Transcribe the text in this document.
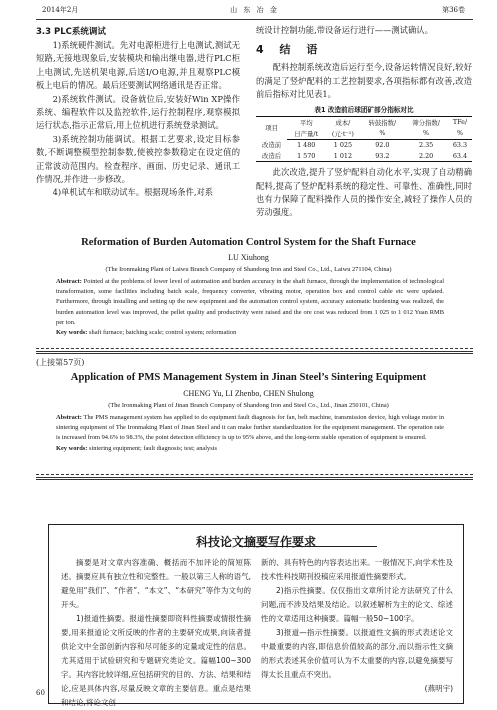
2014年2月	山 东 冶 金	第36卷
3.3 PLC系统调试

1)系统硬件测试。先对电源柜进行上电测试,测试无短路,无接地现象后,安装模块和输出继电器,进行PLC柜上电测试,先送机架电源,后送I/O电源,并且观察PLC模板上电后的情况。最后还要测试网络通讯是否正常。

2)系统软件测试。设备就位后,安装好Win XP操作系统、编程软件以及监控软件,运行控制程序,观察模拟运行状态,指示正常后,用上位机进行系统登录测试。

3)系统控制功能调试。根据工艺要求,设定目标参数,不断调整模型控制参数,使被控参数稳定在设定值的正常波动范围内。检查程序、画面、历史记录、通讯工作情况,并作进一步修改。

4)单机试车和联动试车。根据现场条件,对系

统设计控制功能,带设备运行进行——测试确认。

4 结 语

配料控制系统改造后运行至今,设备运转情况良好,较好的满足了竖炉配料的工艺控制要求,各项指标都有改善,改造前后指标对比见表1。

表1 改造前后球团矿部分指标对比
项目	平均	成本/	转鼓指数/	筛分指数/	TFe/
	日产量/t	(元·t⁻¹)	%	%	%
改造前	1 480	1 025	92.0	2.35	63.3
改造后	1 570	1 012	93.2	2.20	63.4

此次改造,提升了竖炉配料自动化水平,实现了自动精确配料,提高了竖炉配料系统的稳定性、可靠性、准确性,同时也有力保障了配料操作人员的操作安全,减轻了操作人员的劳动强度。

Reformation of Burden Automation Control System for the Shaft Furnace
LU Xiuhong
(The Ironmaking Plant of Laiwu Branch Company of Shandong Iron and Steel Co., Ltd., Laiwu 271104, China)

Abstract: Pointed at the problems of lower level of automation and burden accuracy in the shaft furnace, through the implementation of technological transformation, some facilities including batch scale, frequency converter, vibrating motor, operation box and control cable etc were updated. Furthermore, through installing and setting up the new equipment and the automation control system, accuracy automatic burdening was realized, the burden automation level was improved, the pellet quality and productivity were raised and the ore cost was reduced from 1 025 to 1 012 Yuan RMB per ton.

Key words: shaft furnace; batching scale; control system; reformation

(上接第57页)
Application of PMS Management System in Jinan Steel’s Sintering Equipment
CHENG Yu, LI Zhenbo, CHEN Shulong
(The Ironmaking Plant of Jinan Branch Company of Shandong Iron and Steel Co., Ltd., Jinan 250101, China)

Abstract: The PMS management system has applied to do equipment fault diagnosis for fan, belt machine, transmission device, high voltage motor in sintering equipment of The Ironmaking Plant of Jinan Steel and it can make further standardization for the equipment management. The operation rate is increased from 94.6% to 98.3%, the point detection efficiency is up to 95% above, and the long-term stable operation of equipment is ensured.

Key words: sintering equipment; fault diagnosis; test; analysis

科技论文摘要写作要求

摘要是对文章内容准确、概括而不加评论的简短陈述。摘要应具有独立性和完整性。一般以第三人称的语气,避免用“我们”、“作者”、“本文”、“本研究”等作为文句的开头。

1)报道性摘要。报道性摘要即资料性摘要或情报性摘要,用来报道论文所反映的作者的主要研究成果,向读者提供论文中全部创新内容和尽可能多的定量或定性的信息。尤其适用于试验研究和专题研究类论文。篇幅100~300字。其内容比较详细,应包括研究的目的、方法、结果和结论,应是具体内容,尽量反映文章的主要信息。重点是结果和结论,将论文创

新的、具有特色的内容表达出来。一般情况下,向学术性及技术性科技期刊投稿应采用报道性摘要形式。

2)指示性摘要。仅仅指出文章所讨论方法研究了什么问题,而不涉及结果及结论。以叙述解析为主的论文、综述性的文章适用这种摘要。篇幅一般50~100字。

3)报道—指示性摘要。以报道性文摘的形式表述论文中最重要的内容,即信息价值较高的部分,而以指示性文摘的形式表述其余价值可认为不太重要的内容,以避免摘要写得太长且重点不突出。

(燕明宇)

60
